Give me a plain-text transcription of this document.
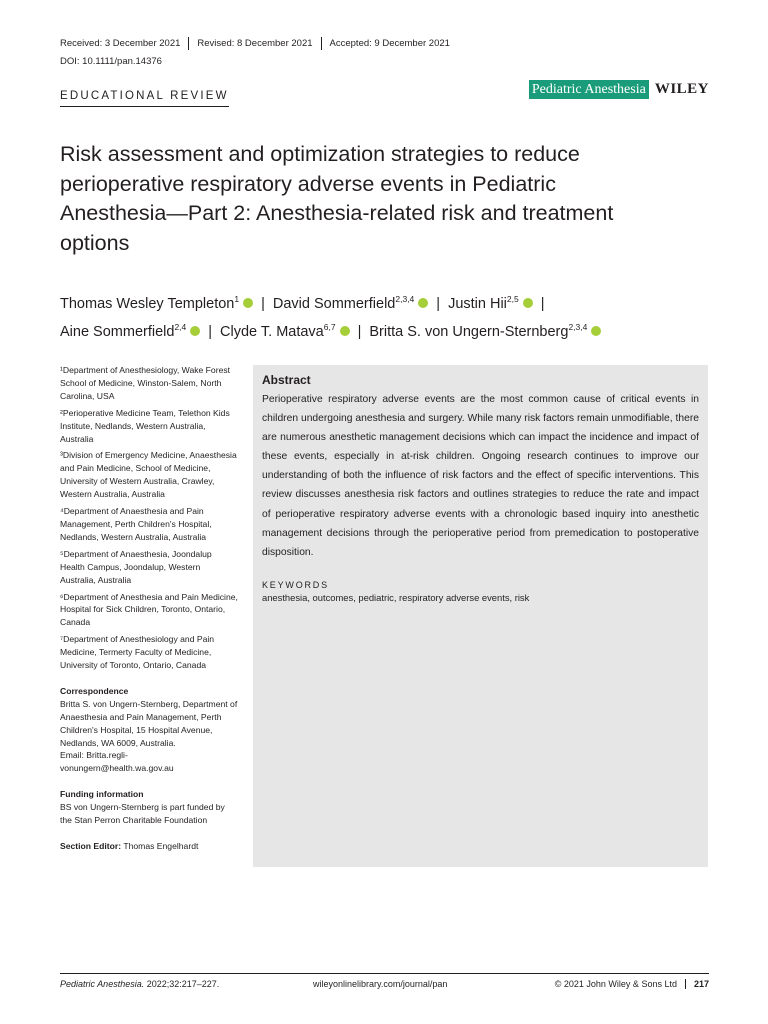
Received: 3 December 2021	Revised: 8 December 2021	Accepted: 9 December 2021
DOI: 10.1111/pan.14376
EDUCATIONAL REVIEW	Pediatric Anesthesia WILEY
Risk assessment and optimization strategies to reduce perioperative respiratory adverse events in Pediatric Anesthesia—Part 2: Anesthesia-related risk and treatment options
Thomas Wesley Templeton$^1$ | David Sommerfield$^{2,3,4}$ | Justin Hii$^{2,5}$ |
Aine Sommerfield$^{2,4}$ | Clyde T. Matava$^{6,7}$ | Britta S. von Ungern-Sternberg$^{2,3,4}$

¹Department of Anesthesiology, Wake Forest School of Medicine, Winston-Salem, North Carolina, USA

²Perioperative Medicine Team, Telethon Kids Institute, Nedlands, Western Australia, Australia

³Division of Emergency Medicine, Anaesthesia and Pain Medicine, School of Medicine, University of Western Australia, Crawley, Western Australia, Australia

⁴Department of Anaesthesia and Pain Management, Perth Children's Hospital, Nedlands, Western Australia, Australia

⁵Department of Anaesthesia, Joondalup Health Campus, Joondalup, Western Australia, Australia

⁶Department of Anesthesia and Pain Medicine, Hospital for Sick Children, Toronto, Ontario, Canada

⁷Department of Anesthesiology and Pain Medicine, Termerty Faculty of Medicine, University of Toronto, Ontario, Canada

Correspondence
Britta S. von Ungern-Sternberg, Department of Anaesthesia and Pain Management, Perth Children's Hospital, 15 Hospital Avenue, Nedlands, WA 6009, Australia.
Email: Britta.regli-vonungern@health.wa.gov.au
Funding information
BS von Ungern-Sternberg is part funded by the Stan Perron Charitable Foundation
Section Editor: Thomas Engelhardt
Abstract

Perioperative respiratory adverse events are the most common cause of critical events in children undergoing anesthesia and surgery. While many risk factors remain unmodifiable, there are numerous anesthetic management decisions which can impact the incidence and impact of these events, especially in at-risk children. Ongoing research continues to improve our understanding of both the influence of risk factors and the effect of specific interventions. This review discusses anesthesia risk factors and outlines strategies to reduce the rate and impact of perioperative respiratory adverse events with a chronologic based inquiry into anesthetic management decisions through the perioperative period from premedication to postoperative disposition.

KEYWORDS
anesthesia, outcomes, pediatric, respiratory adverse events, risk
Pediatric Anesthesia. 2022;32:217–227.	wileyonlinelibrary.com/journal/pan	© 2021 John Wiley & Sons Ltd	217
